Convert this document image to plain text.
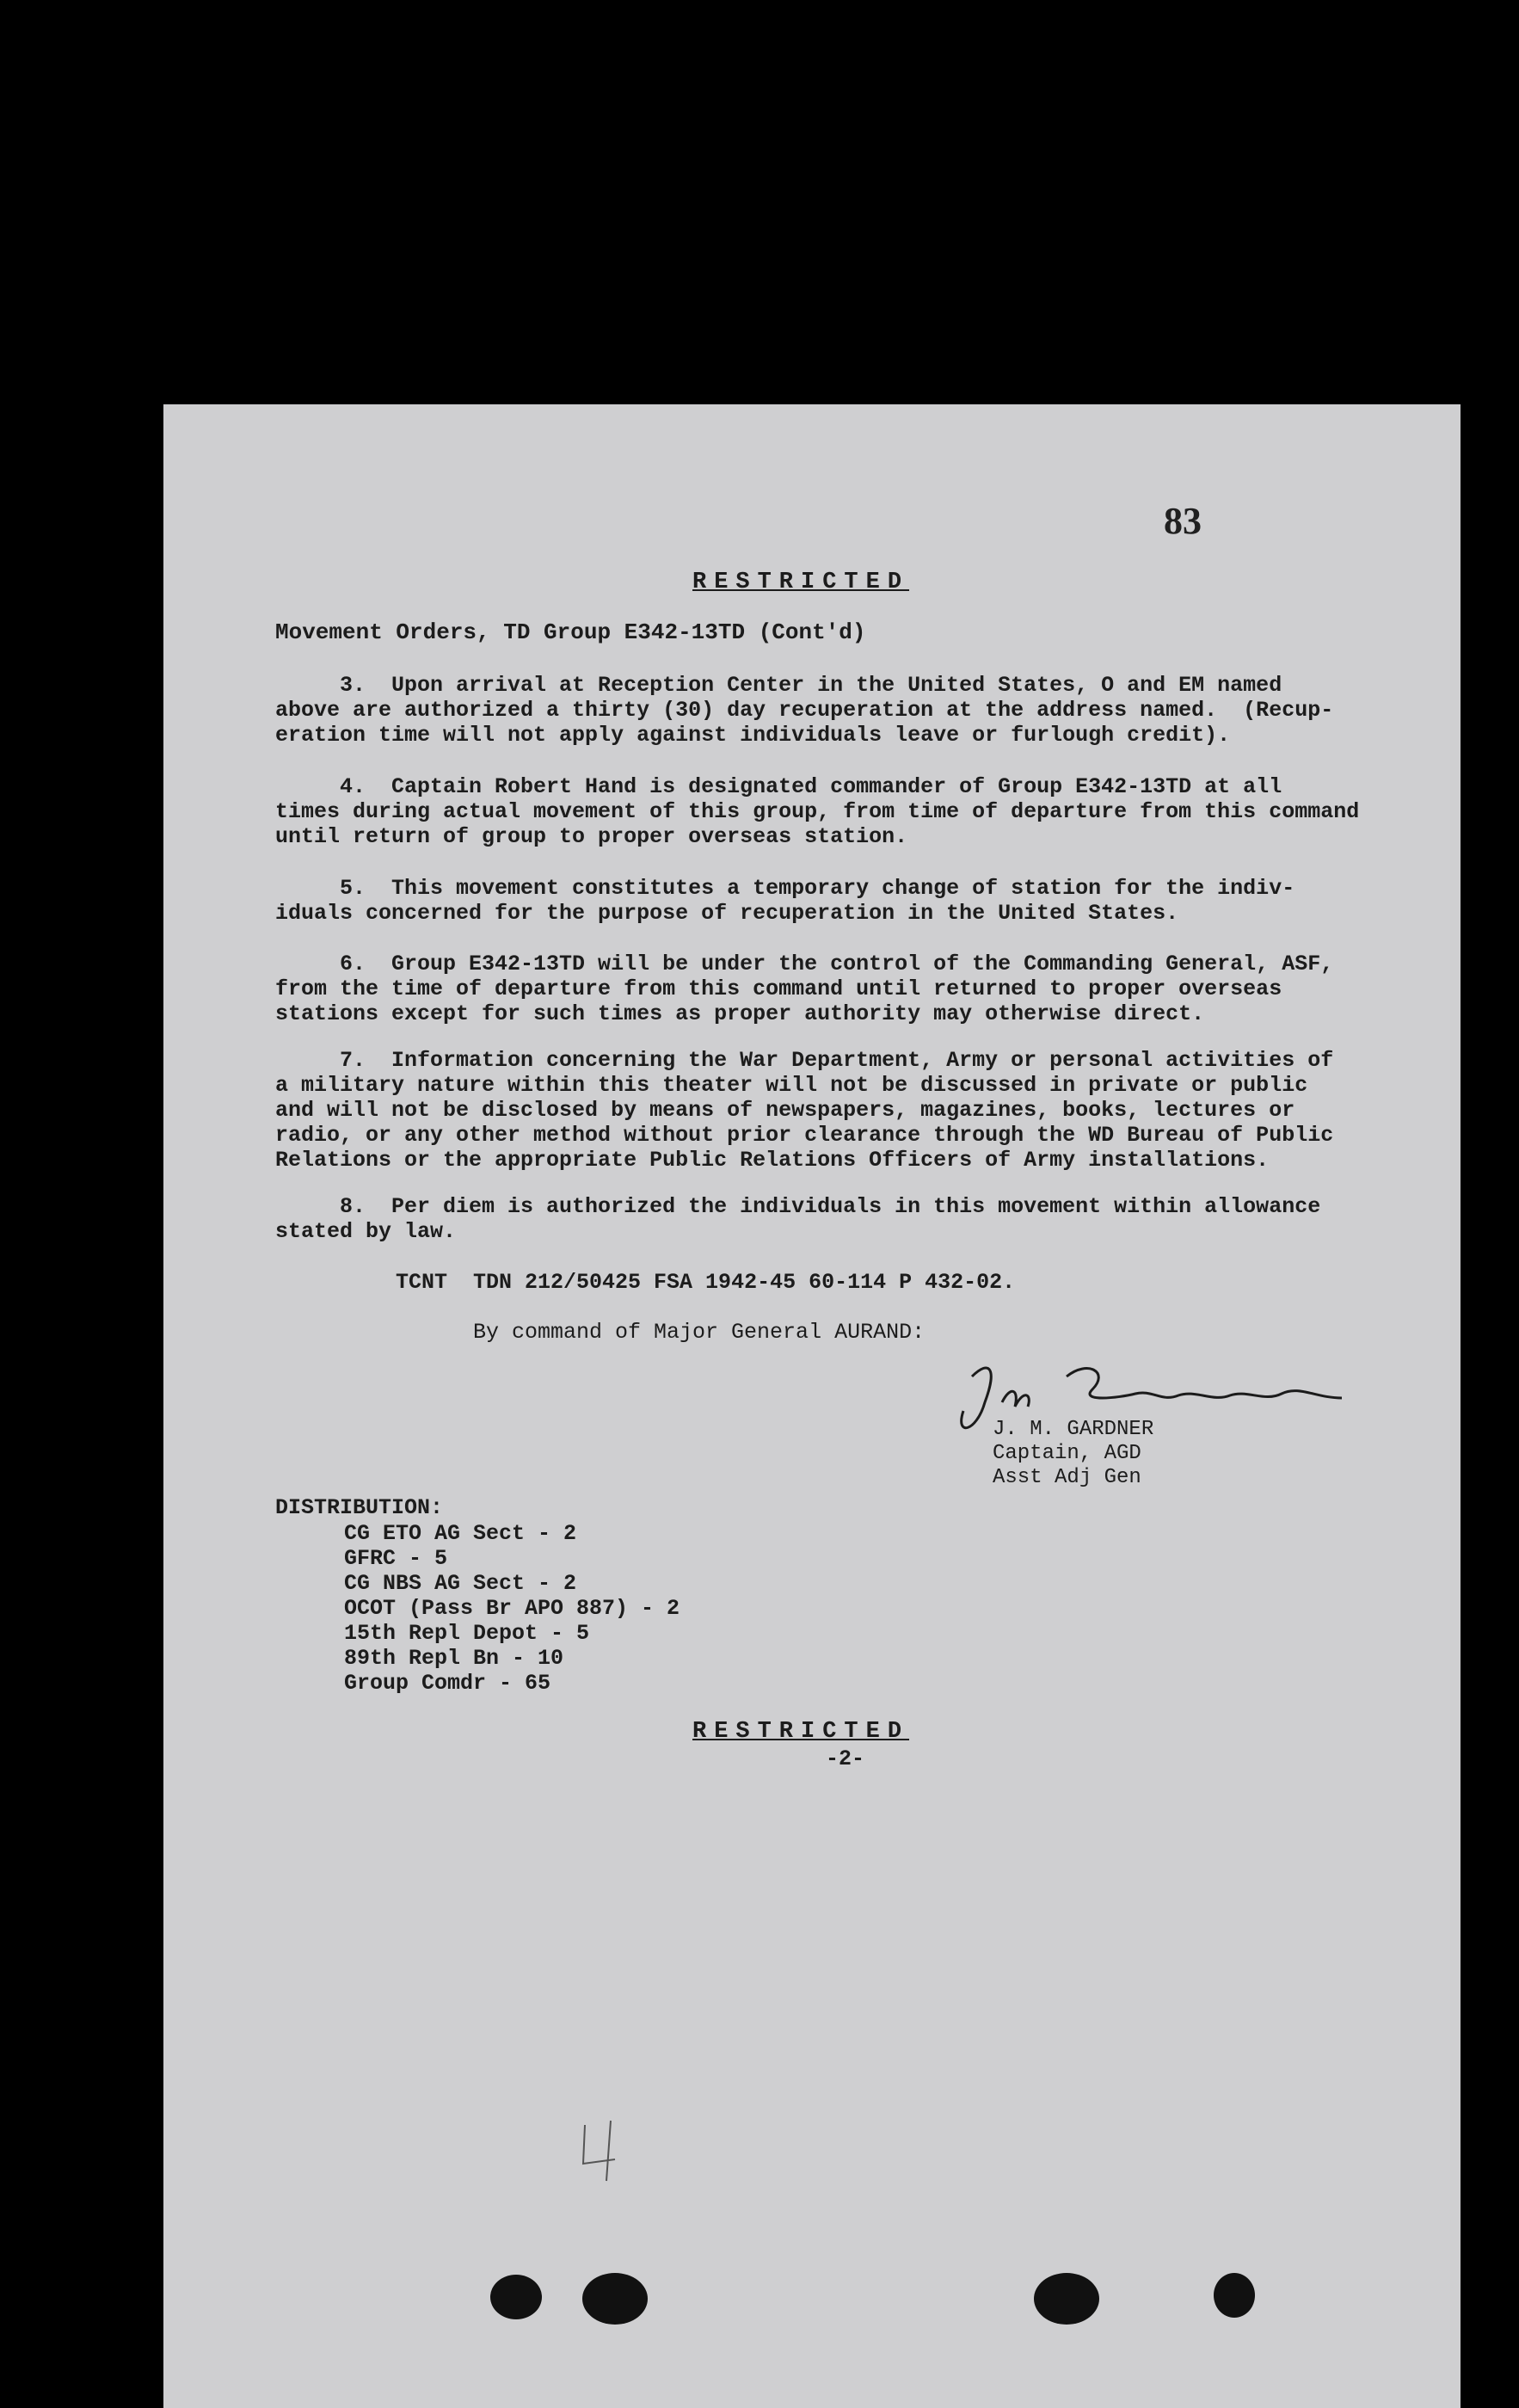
83
RESTRICTED
Movement Orders, TD Group E342-13TD (Cont'd)
3.  Upon arrival at Reception Center in the United States, O and EM named
above are authorized a thirty (30) day recuperation at the address named.  (Recup-
eration time will not apply against individuals leave or furlough credit).
4.  Captain Robert Hand is designated commander of Group E342-13TD at all
times during actual movement of this group, from time of departure from this command
until return of group to proper overseas station.
5.  This movement constitutes a temporary change of station for the indiv-
iduals concerned for the purpose of recuperation in the United States.
6.  Group E342-13TD will be under the control of the Commanding General, ASF,
from the time of departure from this command until returned to proper overseas
stations except for such times as proper authority may otherwise direct.
7.  Information concerning the War Department, Army or personal activities of
a military nature within this theater will not be discussed in private or public
and will not be disclosed by means of newspapers, magazines, books, lectures or
radio, or any other method without prior clearance through the WD Bureau of Public
Relations or the appropriate Public Relations Officers of Army installations.
8.  Per diem is authorized the individuals in this movement within allowance
stated by law.
TCNT  TDN 212/50425 FSA 1942-45 60-114 P 432-02.
By command of Major General AURAND:
J. M. GARDNER
Captain, AGD
Asst Adj Gen
DISTRIBUTION:
CG ETO AG Sect - 2
GFRC - 5
CG NBS AG Sect - 2
OCOT (Pass Br APO 887) - 2
15th Repl Depot - 5
89th Repl Bn - 10
Group Comdr - 65
RESTRICTED
-2-
